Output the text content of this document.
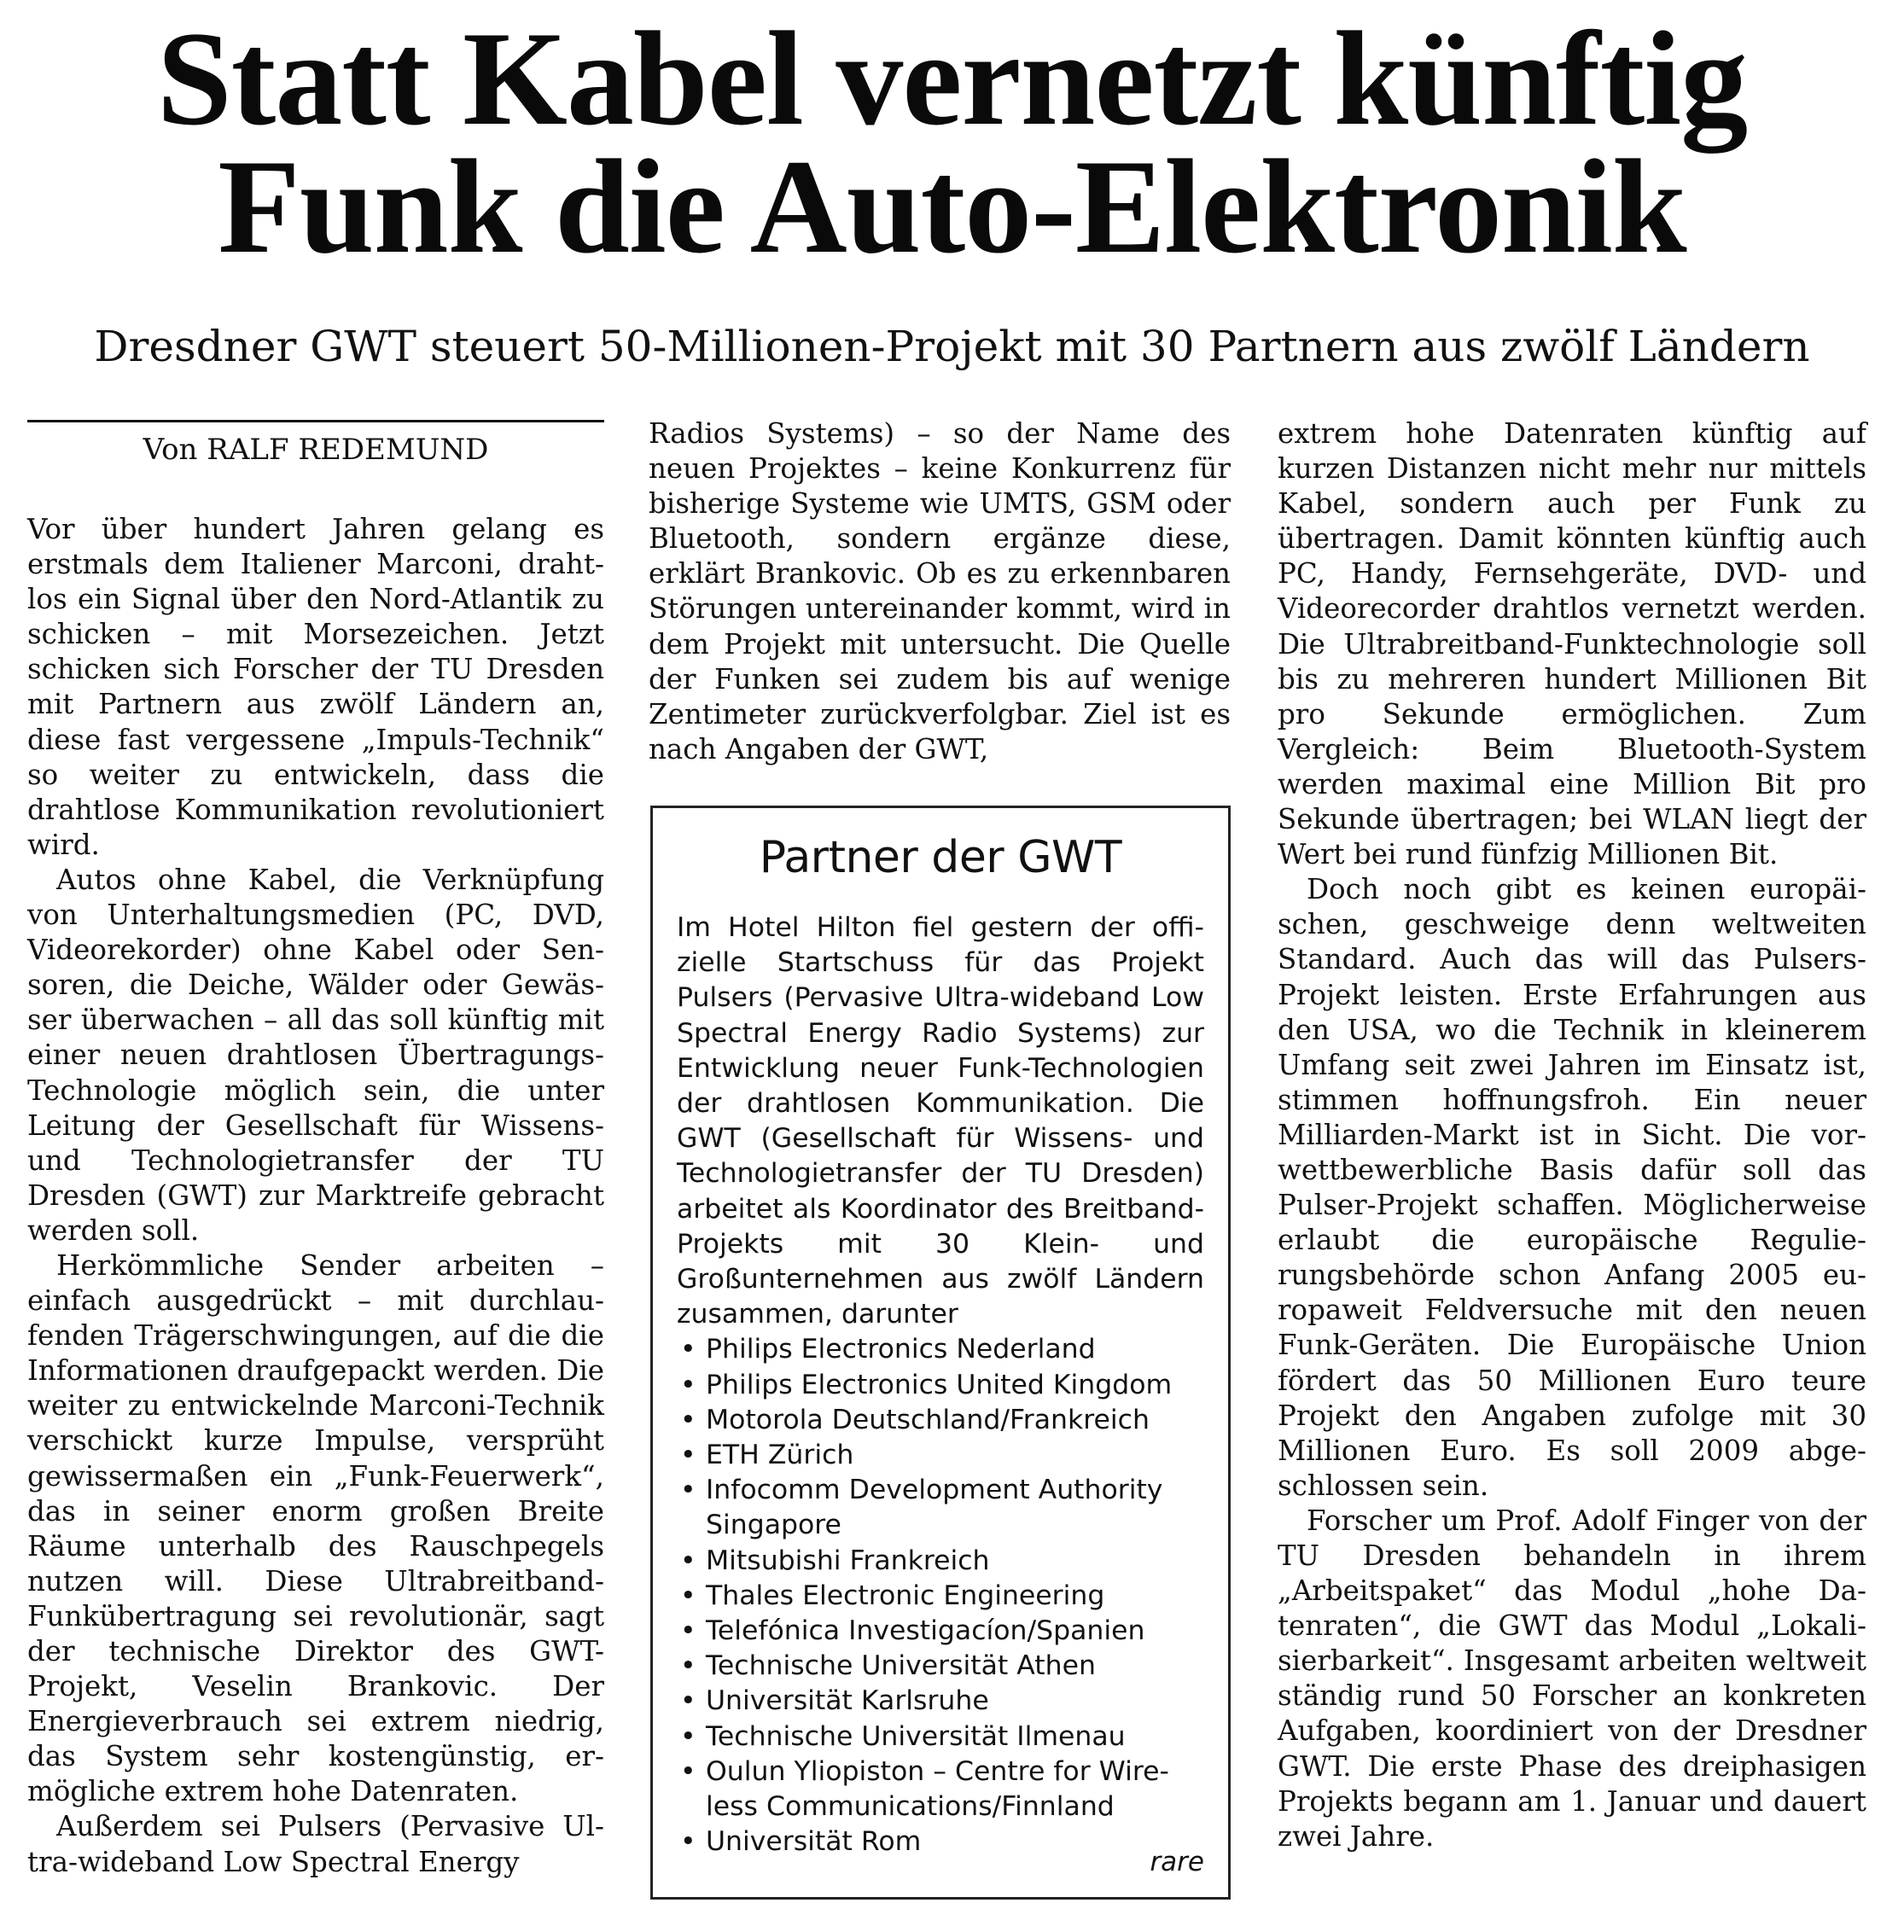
Statt Kabel vernetzt künftig
Funk die Auto-Elektronik
Dresdner GWT steuert 50-Millionen-Projekt mit 30 Partnern aus zwölf Ländern
Von RALF REDEMUND

Vor über hundert Jahren gelang es erstmals dem Italiener Marconi, drahtlos ein Signal über den Nord-Atlantik zu schicken – mit Morsezeichen. Jetzt schicken sich Forscher der TU Dresden mit Partnern aus zwölf Ländern an, diese fast vergessene „Impuls-Technik“ so weiter zu entwickeln, dass die drahtlose Kommunikation revolutioniert wird.

Autos ohne Kabel, die Verknüpfung von Unterhaltungsmedien (PC, DVD, Videorekorder) ohne Kabel oder Sensoren, die Deiche, Wälder oder Gewässer überwachen – all das soll künftig mit einer neuen drahtlosen Übertragungs-Technologie möglich sein, die unter Leitung der Gesellschaft für Wissens- und Technologietransfer der TU Dresden (GWT) zur Marktreife gebracht werden soll.

Herkömmliche Sender arbeiten – einfach ausgedrückt – mit durchlaufenden Trägerschwingungen, auf die die Informationen draufgepackt werden. Die weiter zu entwickelnde Marconi-Technik verschickt kurze Impulse, versprüht gewissermaßen ein „Funk-Feuerwerk“, das in seiner enorm großen Breite Räume unterhalb des Rauschpegels nutzen will. Diese Ultrabreitband-Funkübertragung sei revolutionär, sagt der technische Direktor des GWT-Projekt, Veselin Brankovic. Der Energieverbrauch sei extrem niedrig, das System sehr kostengünstig, ermögliche extrem hohe Datenraten.

Außerdem sei Pulsers (Pervasive Ultra-wideband Low Spectral Energy

Radios Systems) – so der Name des neuen Projektes – keine Konkurrenz für bisherige Systeme wie UMTS, GSM oder Bluetooth, sondern ergänze diese, erklärt Brankovic. Ob es zu erkennbaren Störungen untereinander kommt, wird in dem Projekt mit untersucht. Die Quelle der Funken sei zudem bis auf wenige Zentimeter zurückverfolgbar. Ziel ist es nach Angaben der GWT,

Partner der GWT

Im Hotel Hilton fiel gestern der offizielle Startschuss für das Projekt Pulsers (Pervasive Ultra-wideband Low Spectral Energy Radio Systems) zur Entwicklung neuer Funk-Technologien der drahtlosen Kommunikation. Die GWT (Gesellschaft für Wissens- und Technologietransfer der TU Dresden) arbeitet als Koordinator des Breitband-Projekts mit 30 Klein- und Großunternehmen aus zwölf Ländern zusammen, darunter

• Philips Electronics Nederland
• Philips Electronics United Kingdom
• Motorola Deutschland/Frankreich
• ETH Zürich
• Infocomm Development Authority Singapore
• Mitsubishi Frankreich
• Thales Electronic Engineering
• Telefónica Investigacíon/Spanien
• Technische Universität Athen
• Universität Karlsruhe
• Technische Universität Ilmenau
• Oulun Yliopiston – Centre for Wireless Communications/Finnland
• Universität Rom
rare

extrem hohe Datenraten künftig auf kurzen Distanzen nicht mehr nur mittels Kabel, sondern auch per Funk zu übertragen. Damit könnten künftig auch PC, Handy, Fernsehgeräte, DVD- und Videorecorder drahtlos vernetzt werden. Die Ultrabreitband-Funktechnologie soll bis zu mehreren hundert Millionen Bit pro Sekunde ermöglichen. Zum Vergleich: Beim Bluetooth-System werden maximal eine Million Bit pro Sekunde übertragen; bei WLAN liegt der Wert bei rund fünfzig Millionen Bit.

Doch noch gibt es keinen europäischen, geschweige denn weltweiten Standard. Auch das will das Pulsers-Projekt leisten. Erste Erfahrungen aus den USA, wo die Technik in kleinerem Umfang seit zwei Jahren im Einsatz ist, stimmen hoffnungsfroh. Ein neuer Milliarden-Markt ist in Sicht. Die vorwettbewerbliche Basis dafür soll das Pulser-Projekt schaffen. Möglicherweise erlaubt die europäische Regulierungsbehörde schon Anfang 2005 europaweit Feldversuche mit den neuen Funk-Geräten. Die Europäische Union fördert das 50 Millionen Euro teure Projekt den Angaben zufolge mit 30 Millionen Euro. Es soll 2009 abgeschlossen sein.

Forscher um Prof. Adolf Finger von der TU Dresden behandeln in ihrem „Arbeitspaket“ das Modul „hohe Datenraten“, die GWT das Modul „Lokalisierbarkeit“. Insgesamt arbeiten weltweit ständig rund 50 Forscher an konkreten Aufgaben, koordiniert von der Dresdner GWT. Die erste Phase des dreiphasigen Projekts begann am 1. Januar und dauert zwei Jahre.
